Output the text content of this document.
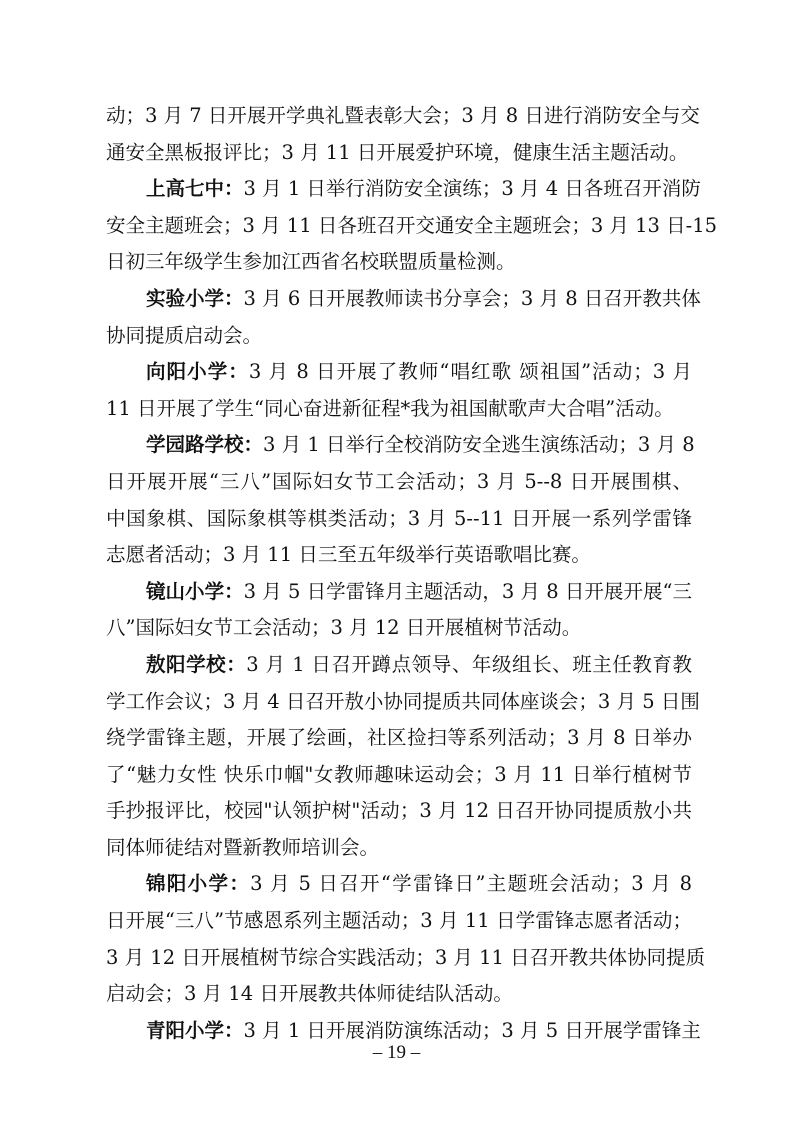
动；3 月 7 日开展开学典礼暨表彰大会；3 月 8 日进行消防安全与交
通安全黑板报评比；3 月 11 日开展爱护环境，健康生活主题活动。
上高七中：3 月 1 日举行消防安全演练；3 月 4 日各班召开消防
安全主题班会；3 月 11 日各班召开交通安全主题班会；3 月 13 日-15
日初三年级学生参加江西省名校联盟质量检测。
实验小学：3 月 6 日开展教师读书分享会；3 月 8 日召开教共体
协同提质启动会。
向阳小学：3 月 8 日开展了教师“唱红歌 颂祖国”活动；3 月
11 日开展了学生“同心奋进新征程*我为祖国献歌声大合唱”活动。
学园路学校：3 月 1 日举行全校消防安全逃生演练活动；3 月 8
日开展开展“三八”国际妇女节工会活动；3 月 5--8 日开展围棋、
中国象棋、国际象棋等棋类活动；3 月 5--11 日开展一系列学雷锋
志愿者活动；3 月 11 日三至五年级举行英语歌唱比赛。
镜山小学：3 月 5 日学雷锋月主题活动，3 月 8 日开展开展“三
八”国际妇女节工会活动；3 月 12 日开展植树节活动。
敖阳学校：3 月 1 日召开蹲点领导、年级组长、班主任教育教
学工作会议；3 月 4 日召开敖小协同提质共同体座谈会；3 月 5 日围
绕学雷锋主题，开展了绘画，社区捡扫等系列活动；3 月 8 日举办
了“魅力女性 快乐巾帼"女教师趣味运动会；3 月 11 日举行植树节
手抄报评比，校园"认领护树"活动；3 月 12 日召开协同提质敖小共
同体师徒结对暨新教师培训会。
锦阳小学：3 月 5 日召开“学雷锋日”主题班会活动；3 月 8
日开展“三八”节感恩系列主题活动；3 月 11 日学雷锋志愿者活动；
3 月 12 日开展植树节综合实践活动；3 月 11 日召开教共体协同提质
启动会；3 月 14 日开展教共体师徒结队活动。
青阳小学：3 月 1 日开展消防演练活动；3 月 5 日开展学雷锋主
– 19 –
